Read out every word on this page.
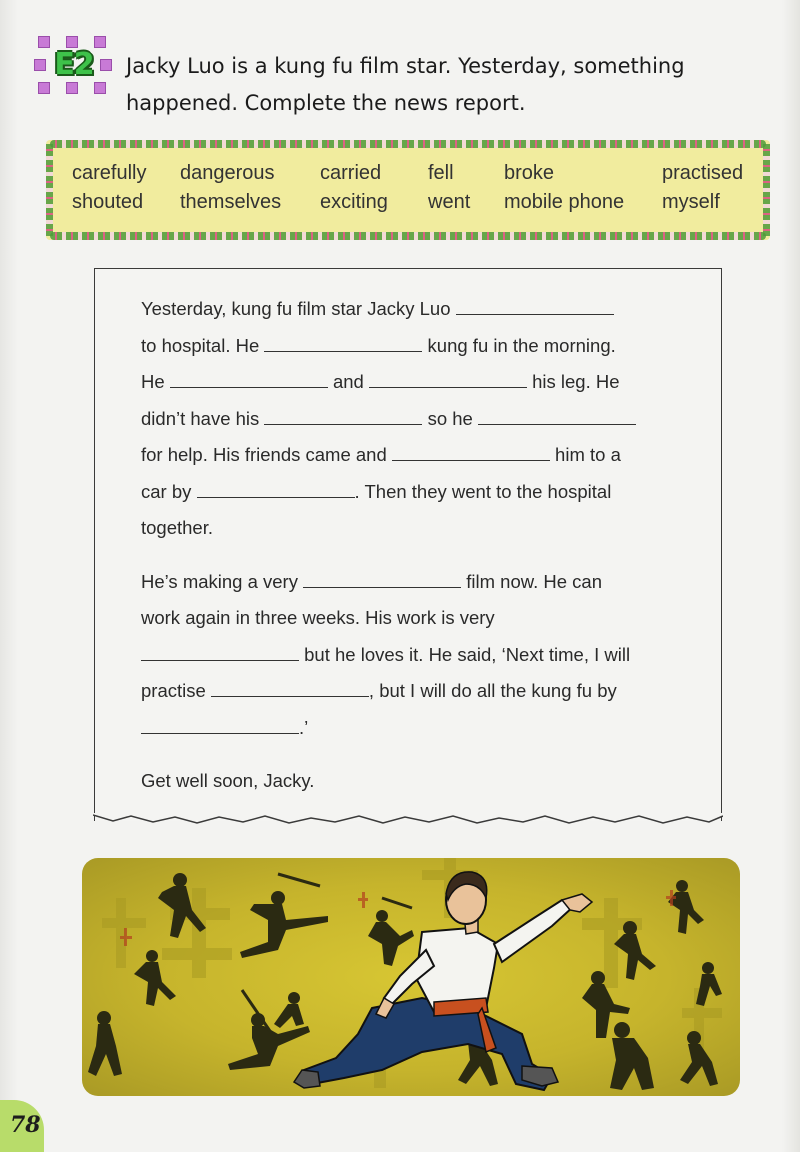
E2	Jacky Luo is a kung fu film star. Yesterday, something
happened. Complete the news report.
carefully	dangerous	carried	fell	broke	practised
shouted	themselves	exciting	went	mobile phone	myself
Yesterday, kung fu film star Jacky Luo
to hospital. He	kung fu in the morning.
He	and	his leg. He
didn’t have his	so he
for help. His friends came and	him to a
car by	. Then they went to the hospital
together.
He’s making a very	film now. He can
work again in three weeks. His work is very
but he loves it. He said, ‘Next time, I will
practise	, but I will do all the kung fu by
.’
Get well soon, Jacky.
78
